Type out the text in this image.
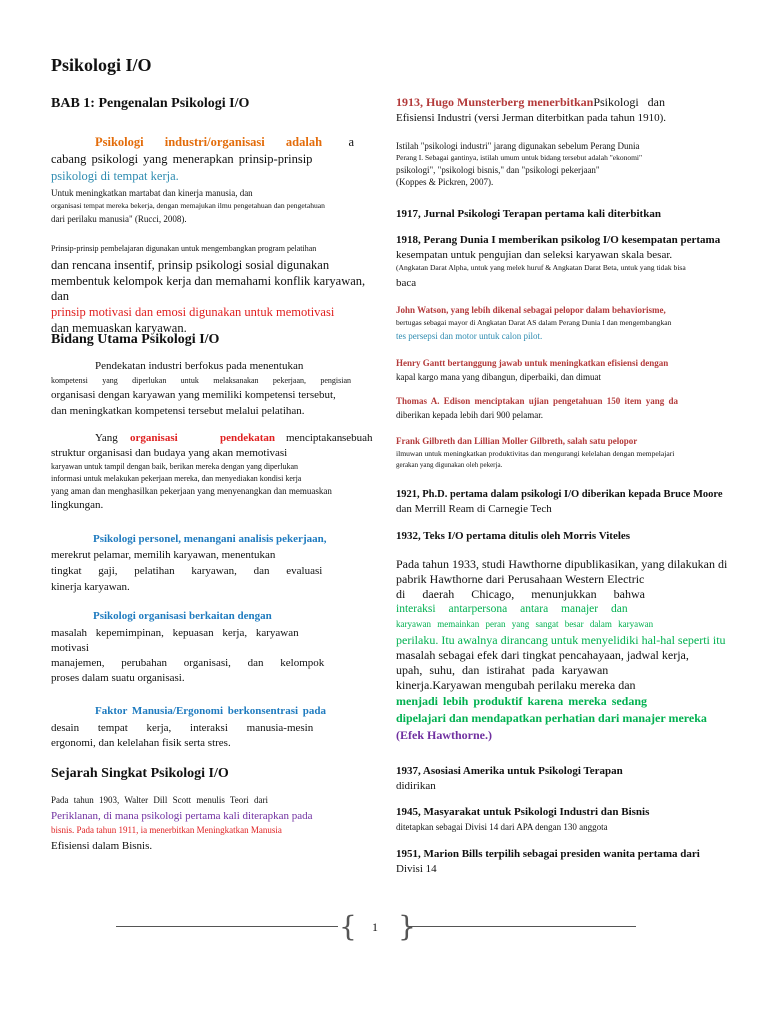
Psikologi I/O
BAB 1: Pengenalan Psikologi I/O
Psikologi industri/organisasi adalah a
cabang psikologi yang menerapkan prinsip-prinsip
psikologi di tempat kerja.
Untuk meningkatkan martabat dan kinerja manusia, dan
organisasi tempat mereka bekerja, dengan memajukan ilmu pengetahuan dan pengetahuan
dari perilaku manusia" (Rucci, 2008).
Prinsip-prinsip pembelajaran digunakan untuk mengembangkan program pelatihan
dan rencana insentif, prinsip psikologi sosial digunakan
membentuk kelompok kerja dan memahami konflik karyawan, dan
prinsip motivasi dan emosi digunakan untuk memotivasi
dan memuaskan karyawan.
Bidang Utama Psikologi I/O
Pendekatan industri berfokus pada menentukan
kompetensi yang diperlukan untuk melaksanakan pekerjaan, pengisian
organisasi dengan karyawan yang memiliki kompetensi tersebut,
dan meningkatkan kompetensi tersebut melalui pelatihan.
Yang organisasi	pendekatan menciptakan sebuah
struktur organisasi dan budaya yang akan memotivasi
karyawan untuk tampil dengan baik, berikan mereka dengan yang diperlukan
informasi untuk melakukan pekerjaan mereka, dan menyediakan kondisi kerja
yang aman dan menghasilkan pekerjaan yang menyenangkan dan memuaskan
lingkungan.
Psikologi personel, menangani analisis pekerjaan,
merekrut pelamar, memilih karyawan, menentukan
tingkat gaji, pelatihan karyawan, dan evaluasi
kinerja karyawan.
Psikologi organisasi berkaitan dengan
masalah kepemimpinan, kepuasan kerja, karyawan
motivasi
manajemen, perubahan organisasi, dan kelompok
proses dalam suatu organisasi.
Faktor Manusia/Ergonomi berkonsentrasi pada
desain tempat kerja, interaksi manusia-mesin
ergonomi, dan kelelahan fisik serta stres.
Sejarah Singkat Psikologi I/O
Pada tahun 1903, Walter Dill Scott menulis Teori dari
Periklanan, di mana psikologi pertama kali diterapkan pada
bisnis. Pada tahun 1911, ia menerbitkan Meningkatkan Manusia
Efisiensi dalam Bisnis.
1913, Hugo Munsterberg menerbitkanPsikologi dan
Efisiensi Industri (versi Jerman diterbitkan pada tahun 1910).
Istilah "psikologi industri" jarang digunakan sebelum Perang Dunia
Perang I. Sebagai gantinya, istilah umum untuk bidang tersebut adalah "ekonomi"
psikologi", "psikologi bisnis," dan "psikologi pekerjaan"
(Koppes & Pickren, 2007).
1917, Jurnal Psikologi Terapan pertama kali diterbitkan
1918, Perang Dunia I memberikan psikolog I/O kesempatan pertama
kesempatan untuk pengujian dan seleksi karyawan skala besar.
(Angkatan Darat Alpha, untuk yang melek huruf & Angkatan Darat Beta, untuk yang tidak bisa
baca
John Watson, yang lebih dikenal sebagai pelopor dalam behaviorisme,
bertugas sebagai mayor di Angkatan Darat AS dalam Perang Dunia I dan mengembangkan
tes persepsi dan motor untuk calon pilot.
Henry Gantt bertanggung jawab untuk meningkatkan efisiensi dengan
kapal kargo mana yang dibangun, diperbaiki, dan dimuat
Thomas A. Edison menciptakan ujian pengetahuan 150 item yang da
diberikan kepada lebih dari 900 pelamar.
Frank Gilbreth dan Lillian Moller Gilbreth, salah satu pelopor
ilmuwan untuk meningkatkan produktivitas dan mengurangi kelelahan dengan mempelajari
gerakan yang digunakan oleh pekerja.
1921, Ph.D. pertama dalam psikologi I/O diberikan kepada Bruce Moore
dan Merrill Ream di Carnegie Tech
1932, Teks I/O pertama ditulis oleh Morris Viteles
Pada tahun 1933, studi Hawthorne dipublikasikan, yang dilakukan di
pabrik Hawthorne dari Perusahaan Western Electric
di daerah Chicago, menunjukkan bahwa
interaksi antarpersona antara manajer dan
karyawan memainkan peran yang sangat besar dalam karyawan
perilaku. Itu awalnya dirancang untuk menyelidiki hal-hal seperti itu
masalah sebagai efek dari tingkat pencahayaan, jadwal kerja,
upah, suhu, dan istirahat pada karyawan
kinerja.Karyawan mengubah perilaku mereka dan
menjadi lebih produktif karena mereka sedang
dipelajari dan mendapatkan perhatian dari manajer mereka
(Efek Hawthorne.)
1937, Asosiasi Amerika untuk Psikologi Terapan
didirikan
1945, Masyarakat untuk Psikologi Industri dan Bisnis
ditetapkan sebagai Divisi 14 dari APA dengan 130 anggota
1951, Marion Bills terpilih sebagai presiden wanita pertama dari
Divisi 14
{ }
1
